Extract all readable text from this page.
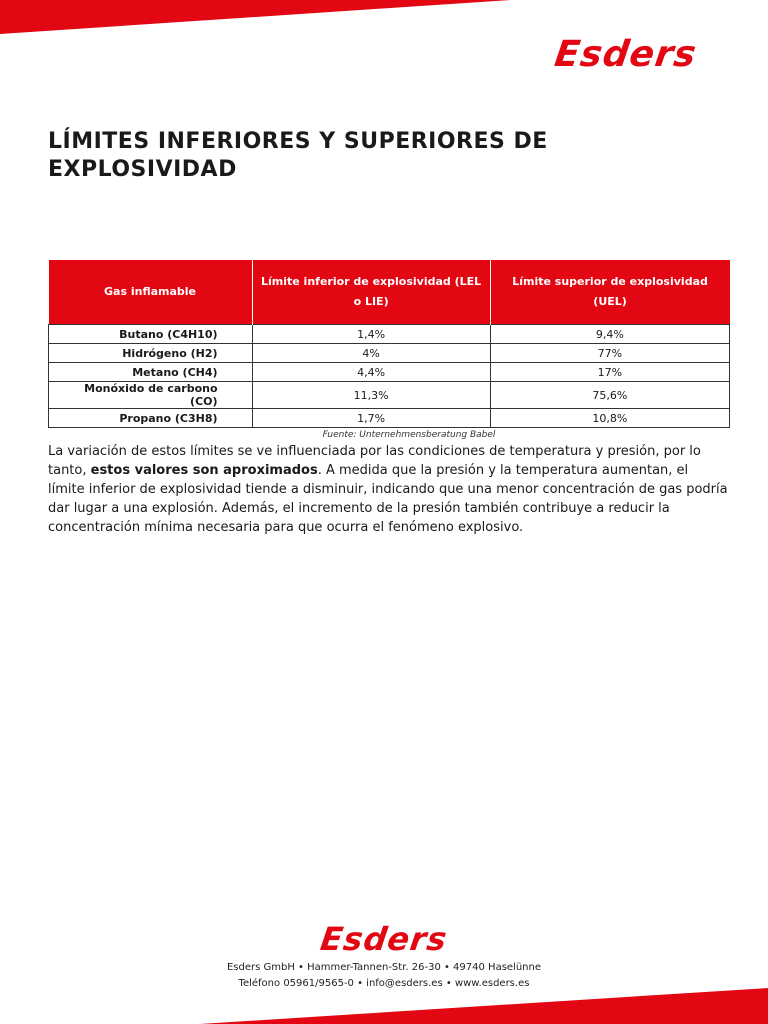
Esders
LÍMITES INFERIORES Y SUPERIORES DE EXPLOSIVIDAD
Gas inflamable	Límite inferior de explosividad (LEL o LIE)	Límite superior de explosividad (UEL)
Butano (C4H10)	1,4%	9,4%
Hidrógeno (H2)	4%	77%
Metano (CH4)	4,4%	17%
Monóxido de carbono (CO)	11,3%	75,6%
Propano (C3H8)	1,7%	10,8%
Fuente: Unternehmensberatung Babel

La variación de estos límites se ve influenciada por las condiciones de temperatura y presión, por lo tanto, estos valores son aproximados. A medida que la presión y la temperatura aumentan, el límite inferior de explosividad tiende a disminuir, indicando que una menor concentración de gas podría dar lugar a una explosión. Además, el incremento de la presión también contribuye a reducir la concentración mínima necesaria para que ocurra el fenómeno explosivo.

Esders
Esders GmbH • Hammer-Tannen-Str. 26-30 • 49740 Haselünne
Teléfono 05961/9565-0 • info@esders.es • www.esders.es
